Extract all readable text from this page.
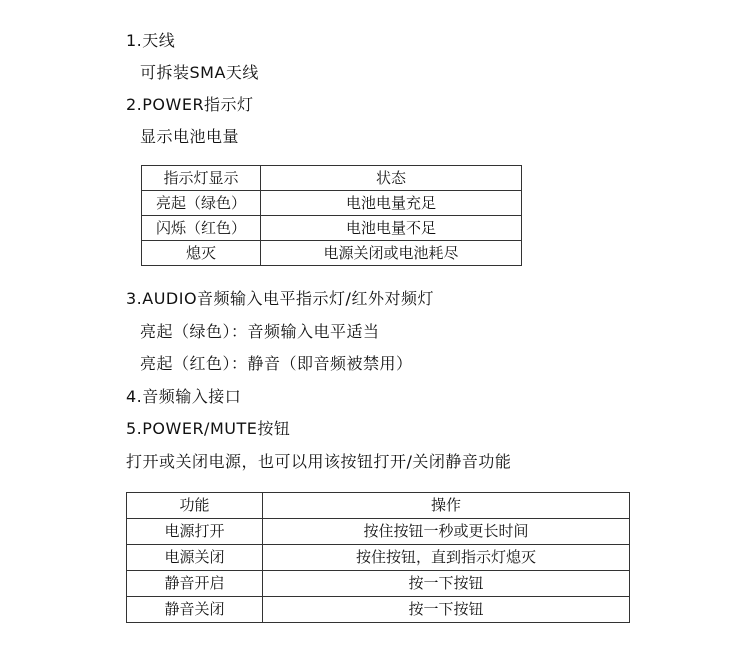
1.天线
可拆装SMA天线
2.POWER指示灯
显示电池电量
指示灯显示	状态
亮起（绿色）	电池电量充足
闪烁（红色）	电池电量不足
熄灭	电源关闭或电池耗尽
3.AUDIO音频输入电平指示灯/红外对频灯
亮起（绿色）：音频输入电平适当
亮起（红色）：静音（即音频被禁用）
4.音频输入接口
5.POWER/MUTE按钮
打开或关闭电源，也可以用该按钮打开/关闭静音功能
功能	操作
电源打开	按住按钮一秒或更长时间
电源关闭	按住按钮，直到指示灯熄灭
静音开启	按一下按钮
静音关闭	按一下按钮
